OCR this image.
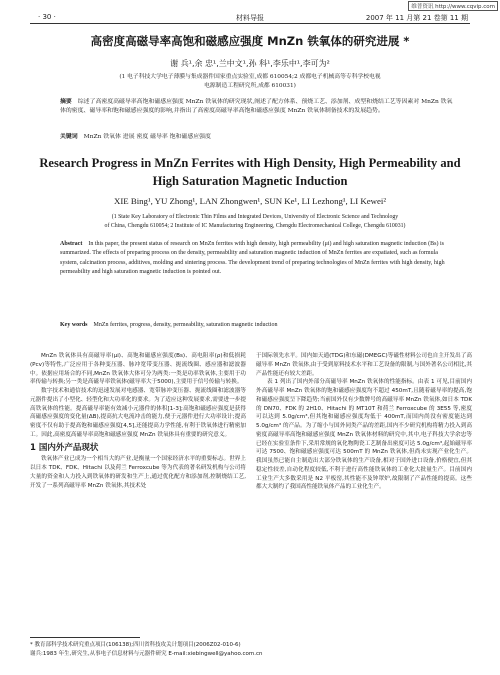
维普资讯 http://www.cqvip.com
· 30 ·	材料导报	2007 年 11 月第 21 卷第 11 期
高密度高磁导率高饱和磁感应强度 MnZn 铁氧体的研究进展 *
谢 兵¹,余 忠¹,兰中文¹,孙 科¹,李乐中¹,李可为²
(1 电子科技大学电子薄膜与集成器件国家重点实验室,成都 610054;2 成都电子机械高等专科学校电视
电源制造工程研究所,成都 610031)
摘要 综述了高密度高磁导率高饱和磁感应强度 MnZn 铁氧体的研究现状,阐述了配方体系、预烧工艺、添加剂、成型和烧结工艺等因素对 MnZn 铁氧体的密度、磁导率和饱和磁感应强度的影响,并指出了高密度高磁导率高饱和磁感应强度 MnZn 铁氧体制备技术的发展趋势。
关键词 MnZn 铁氧体 进展 密度 磁导率 饱和磁感应强度
Research Progress in MnZn Ferrites with High Density, High Permeability and
High Saturation Magnetic Induction
XIE Bing¹, YU Zhong¹, LAN Zhongwen¹, SUN Ke¹, LI Lezhong¹, LI Kewei²
(1 State Key Laboratory of Electronic Thin Films and Integrated Devices, University of Electronic Science and Technology
of China, Chengdu 610054; 2 Institute of IC Manufacturing Engineering, Chengdu Electromechanical College, Chengdu 610031)
Abstract In this paper, the present status of research on MnZn ferrites with high density, high permeability (μi) and high saturation magnetic induction (Bs) is summarized. The effects of preparing process on the density, permeability and saturation magnetic induction of MnZn ferrites are expatiated, such as formula system, calcination process, additives, molding and sintering process. The development trend of preparing technologies of MnZn ferrites with high density, high permeability and high saturation magnetic induction is pointed out.
Key words MnZn ferrites, progress, density, permeability, saturation magnetic induction

MnZn 铁氧体具有高磁导率(μi)、高饱和磁感应强度(Bs)、高电阻率(ρ)和低损耗(Pcv)等特性,广泛应用于各种变压器、脉冲宽带变压器、扼流线圈、感应器和滤波器中。依据应用场合的不同,MnZn 铁氧体大体可分为两类:一类是功率铁氧体,主要用于功率传输与转换;另一类是高磁导率铁氧体(磁导率大于5000),主要用于信号传输与转换。

数字技术和通信技术的迅速发展对电感器、宽带脉冲变压器、扼流线圈和滤波器等元器件提出了小型化、轻型化和大功率化的要求。为了适应这种发展要求,需要进一步提高铁氧体的性能。提高磁导率能有效减小元器件的体积[1-3];高饱和磁感应强度是获得高磁感应强度的变化量(ΔB),提高抗大电流冲击的能力,便于元器件进行大功率设计;提高密度不仅有助于提高饱和磁感应强度[4,5],还能提高力学性能,有利于铁氧体进行精密加工。因此,高密度高磁导率高饱和磁感应强度 MnZn 铁氧体具有重要的研究意义。

1 国内外产品现状

铁氧体产业已成为一个相当大的产业,是衡量一个国家经济水平的重要标志。世界上以日本 TDK、FDK、Hitachi 以及荷兰 Ferroxcube 等为代表的著名研发机构与公司将大量的资金和人力投入到铁氧体的研发和生产上,通过优化配方和添加剂,控制烧结工艺,开发了一系列高磁导率 MnZn 铁氧体,其技术处

于国际领先水平。国内如天通(TDG)和东磁(DMEGC)等磁性材料公司也自主开发出了高磁导率 MnZn 铁氧体,由于受到原料技术水平和工艺设备的限制,与国外著名公司相比,其产品性能还有较大差距。

表 1 列出了国内外部分高磁导率 MnZn 铁氧体的性能指标。由表 1 可见,目前国内外高磁导率 MnZn 铁氧体的饱和磁感应强度均不超过 450mT,且随着磁导率的提高,饱和磁感应强度呈下降趋势;当前国外仅有少数牌号的高磁导率 MnZn 铁氧体,如日本 TDK 的 DN70、FDK 的 2H10、Hitachi 的 MT10T 和荷兰 Ferroxcube 的 3E55 等,密度可以达到 5.0g/cm³,但其饱和磁感应强度均低于 400mT,而国内尚没有密度能达到 5.0g/cm³ 的产品。为了缩小与国外同类产品的差距,国内不少研究机构将精力投入到高密度高磁导率高饱和磁感应强度 MnZn 铁氧体材料的研究中,其中,电子科技大学余忠等已经在实验室条件下,采用常规的氧化物陶瓷工艺制备出密度可达 5.0g/cm³,起始磁导率可达 7500、饱和磁感应强度可达 500mT 的 MnZn 铁氧体,但尚未实现产业化生产。我国虽然已能自主制造出大部分铁氧体的生产设备,相对于国外进口设备,价格便宜,但其稳定性较差,自动化程度较低,不利于进行高性能铁氧体的工业化大批量生产。目前国内工业生产大多数采用是 N2 平板窑,其性能不及钟罩炉,故限制了产品性能的提高。这些都大大制约了我国高性能铁氧体产品的工业化生产。

* 教育部科学技术研究重点项目(106138);四川省科技攻关计划项目(2006Z02-010-6)
谢兵:1983 年生,研究生,从事电子信息材料与元器件研究 E-mail:xiebingwell@yahoo.com.cn
